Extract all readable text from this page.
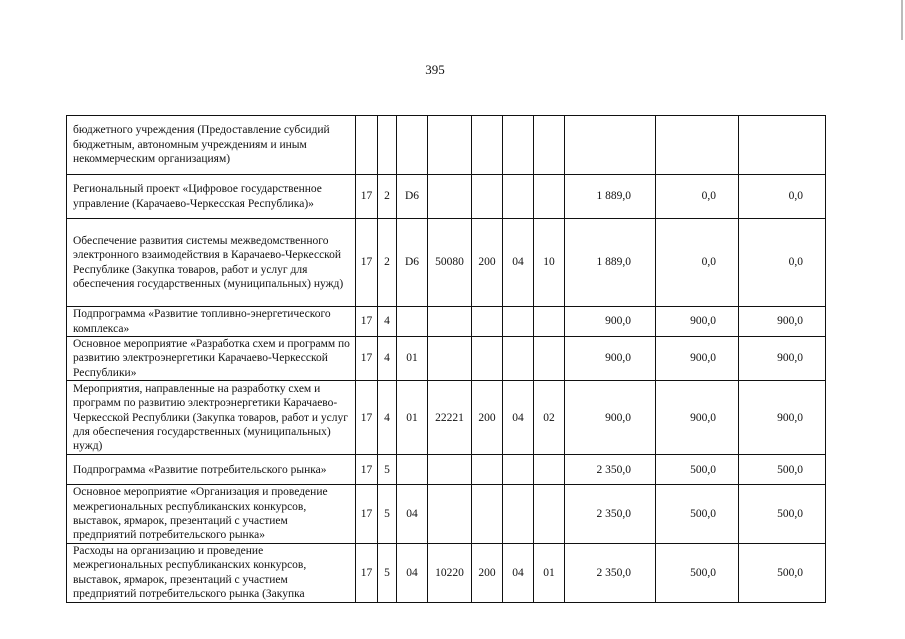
395
бюджетного учреждения (Предоставление субсидий бюджетным, автономным учреждениям и иным некоммерческим организациям)										
Региональный проект «Цифровое государственное управление (Карачаево-Черкесская Республика)»	17	2	D6					1 889,0	0,0	0,0
Обеспечение развития системы межведомственного электронного взаимодействия в Карачаево-Черкесской Республике (Закупка товаров, работ и услуг для обеспечения государственных (муниципальных) нужд)	17	2	D6	50080	200	04	10	1 889,0	0,0	0,0
Подпрограмма «Развитие топливно-энергетического комплекса»	17	4						900,0	900,0	900,0
Основное мероприятие «Разработка схем и программ по развитию электроэнергетики Карачаево-Черкесской Республики»	17	4	01					900,0	900,0	900,0
Мероприятия, направленные на разработку схем и программ по развитию электроэнергетики Карачаево-Черкесской Республики (Закупка товаров, работ и услуг для обеспечения государственных (муниципальных) нужд)	17	4	01	22221	200	04	02	900,0	900,0	900,0
Подпрограмма «Развитие потребительского рынка»	17	5						2 350,0	500,0	500,0
Основное мероприятие «Организация и проведение межрегиональных республиканских конкурсов, выставок, ярмарок, презентаций с участием предприятий потребительского рынка»	17	5	04					2 350,0	500,0	500,0
Расходы на организацию и проведение межрегиональных республиканских конкурсов, выставок, ярмарок, презентаций с участием предприятий потребительского рынка (Закупка	17	5	04	10220	200	04	01	2 350,0	500,0	500,0
